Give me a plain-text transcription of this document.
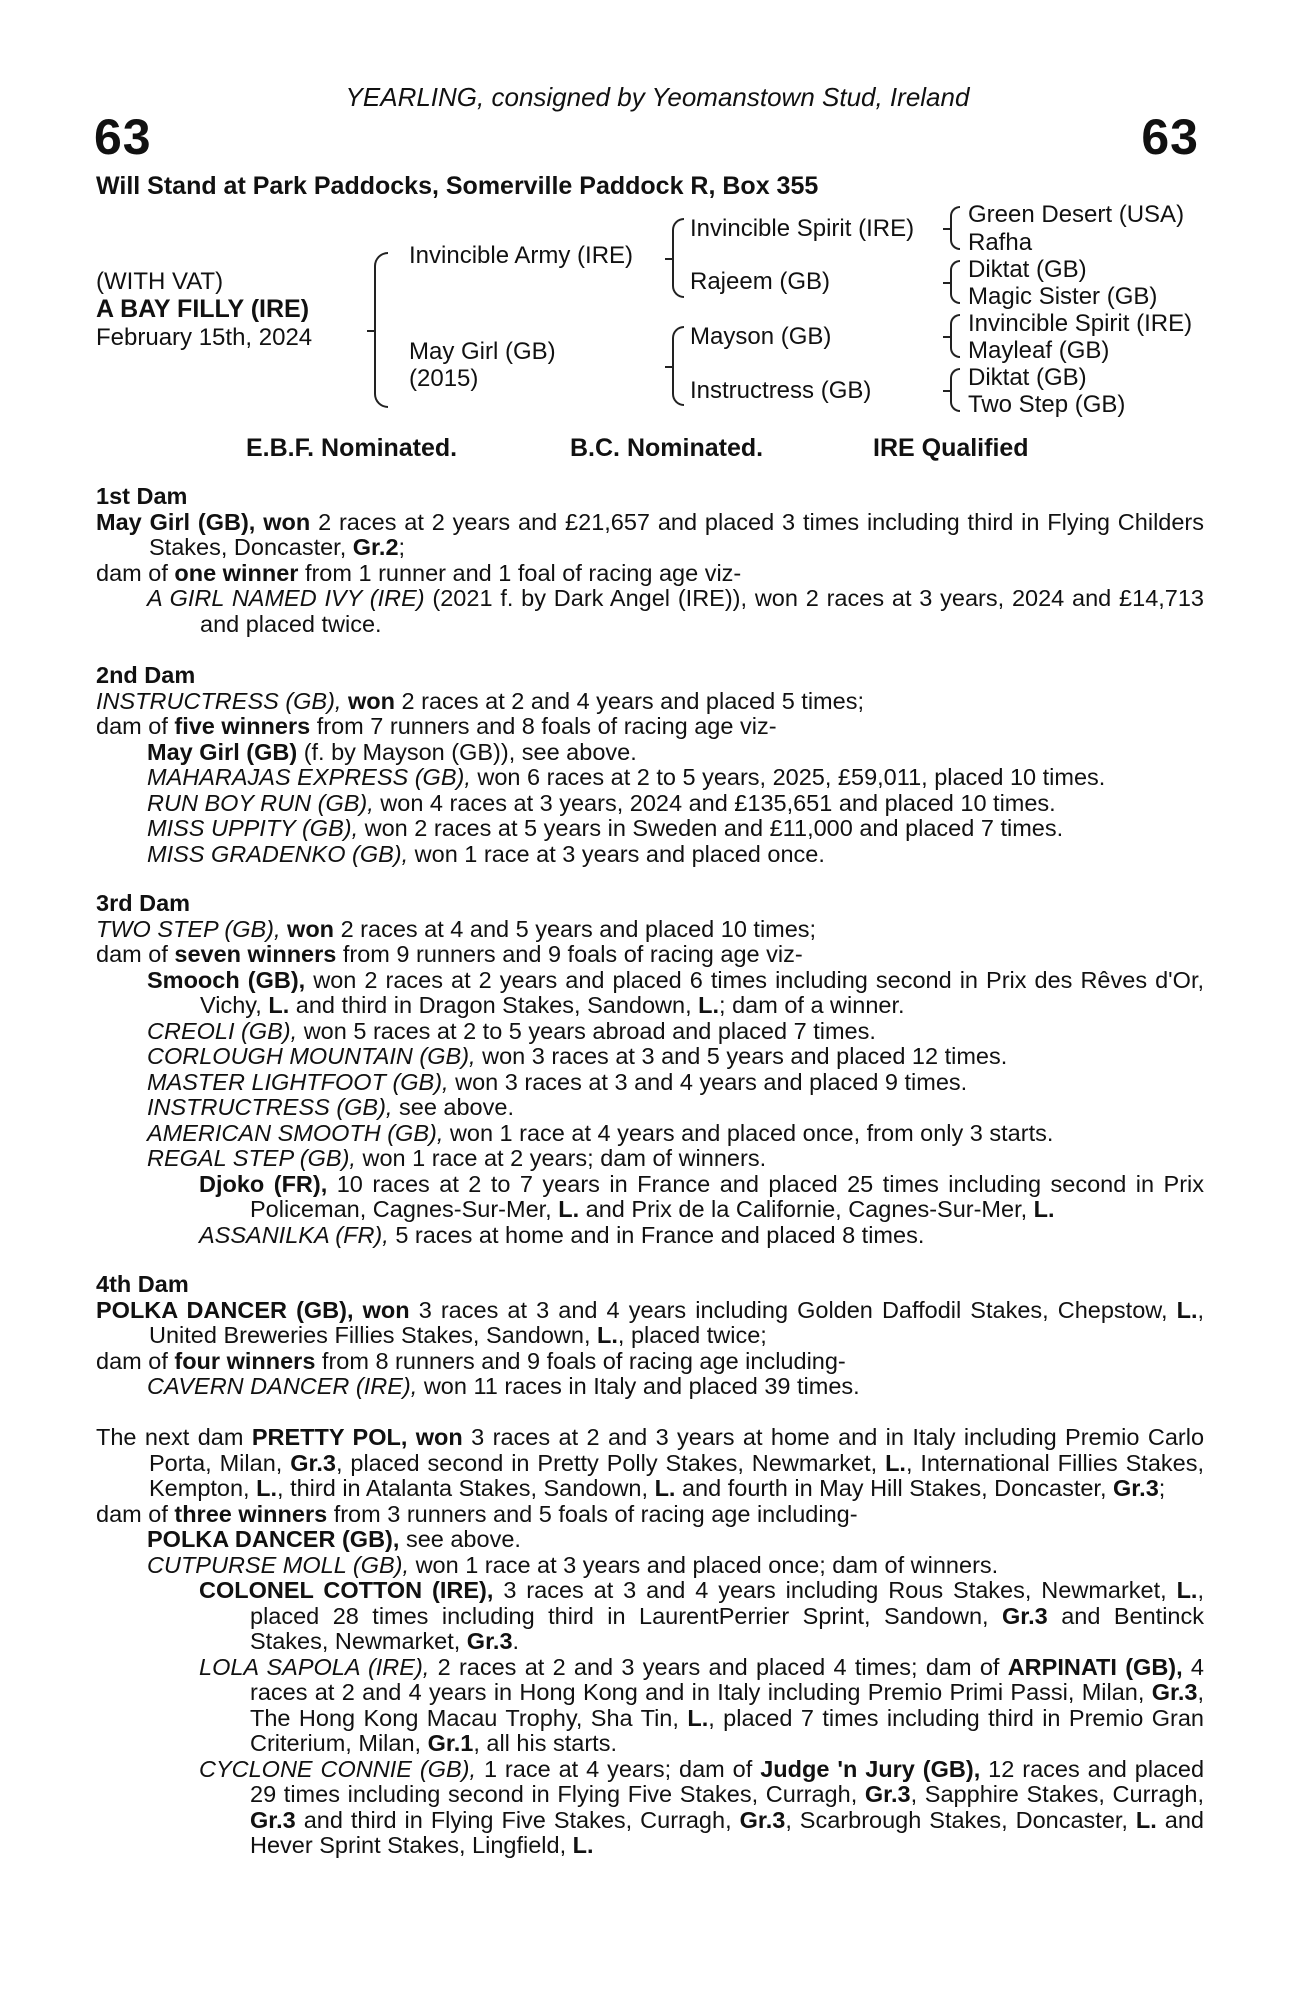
YEARLING, consigned by Yeomanstown Stud, Ireland
63	63
Will Stand at Park Paddocks, Somerville Paddock R, Box 355
(WITH VAT)
A BAY FILLY (IRE)
February 15th, 2024
Invincible Army (IRE)
May Girl (GB)
(2015)
Invincible Spirit (IRE)
Rajeem (GB)
Mayson (GB)
Instructress (GB)
Green Desert (USA)
Rafha
Diktat (GB)
Magic Sister (GB)
Invincible Spirit (IRE)
Mayleaf (GB)
Diktat (GB)
Two Step (GB)
E.B.F. Nominated.	B.C. Nominated.	IRE Qualified
1st Dam

May Girl (GB), won 2 races at 2 years and £21,657 and placed 3 times including third in Flying Childers Stakes, Doncaster, Gr.2;

dam of one winner from 1 runner and 1 foal of racing age viz-

A GIRL NAMED IVY (IRE) (2021 f. by Dark Angel (IRE)), won 2 races at 3 years, 2024 and £14,713 and placed twice.

2nd Dam

INSTRUCTRESS (GB), won 2 races at 2 and 4 years and placed 5 times;

dam of five winners from 7 runners and 8 foals of racing age viz-

May Girl (GB) (f. by Mayson (GB)), see above.

MAHARAJAS EXPRESS (GB), won 6 races at 2 to 5 years, 2025, £59,011, placed 10 times.

RUN BOY RUN (GB), won 4 races at 3 years, 2024 and £135,651 and placed 10 times.

MISS UPPITY (GB), won 2 races at 5 years in Sweden and £11,000 and placed 7 times.

MISS GRADENKO (GB), won 1 race at 3 years and placed once.

3rd Dam

TWO STEP (GB), won 2 races at 4 and 5 years and placed 10 times;

dam of seven winners from 9 runners and 9 foals of racing age viz-

Smooch (GB), won 2 races at 2 years and placed 6 times including second in Prix des Rêves d'Or, Vichy, L. and third in Dragon Stakes, Sandown, L.; dam of a winner.

CREOLI (GB), won 5 races at 2 to 5 years abroad and placed 7 times.

CORLOUGH MOUNTAIN (GB), won 3 races at 3 and 5 years and placed 12 times.

MASTER LIGHTFOOT (GB), won 3 races at 3 and 4 years and placed 9 times.

INSTRUCTRESS (GB), see above.

AMERICAN SMOOTH (GB), won 1 race at 4 years and placed once, from only 3 starts.

REGAL STEP (GB), won 1 race at 2 years; dam of winners.

Djoko (FR), 10 races at 2 to 7 years in France and placed 25 times including second in Prix Policeman, Cagnes-Sur-Mer, L. and Prix de la Californie, Cagnes-Sur-Mer, L.

ASSANILKA (FR), 5 races at home and in France and placed 8 times.

4th Dam

POLKA DANCER (GB), won 3 races at 3 and 4 years including Golden Daffodil Stakes, Chepstow, L., United Breweries Fillies Stakes, Sandown, L., placed twice;

dam of four winners from 8 runners and 9 foals of racing age including-

CAVERN DANCER (IRE), won 11 races in Italy and placed 39 times.

The next dam PRETTY POL, won 3 races at 2 and 3 years at home and in Italy including Premio Carlo Porta, Milan, Gr.3, placed second in Pretty Polly Stakes, Newmarket, L., International Fillies Stakes, Kempton, L., third in Atalanta Stakes, Sandown, L. and fourth in May Hill Stakes, Doncaster, Gr.3;

dam of three winners from 3 runners and 5 foals of racing age including-

POLKA DANCER (GB), see above.

CUTPURSE MOLL (GB), won 1 race at 3 years and placed once; dam of winners.

COLONEL COTTON (IRE), 3 races at 3 and 4 years including Rous Stakes, Newmarket, L., placed 28 times including third in LaurentPerrier Sprint, Sandown, Gr.3 and Bentinck Stakes, Newmarket, Gr.3.

LOLA SAPOLA (IRE), 2 races at 2 and 3 years and placed 4 times; dam of ARPINATI (GB), 4 races at 2 and 4 years in Hong Kong and in Italy including Premio Primi Passi, Milan, Gr.3, The Hong Kong Macau Trophy, Sha Tin, L., placed 7 times including third in Premio Gran Criterium, Milan, Gr.1, all his starts.

CYCLONE CONNIE (GB), 1 race at 4 years; dam of Judge 'n Jury (GB), 12 races and placed 29 times including second in Flying Five Stakes, Curragh, Gr.3, Sapphire Stakes, Curragh, Gr.3 and third in Flying Five Stakes, Curragh, Gr.3, Scarbrough Stakes, Doncaster, L. and Hever Sprint Stakes, Lingfield, L.
